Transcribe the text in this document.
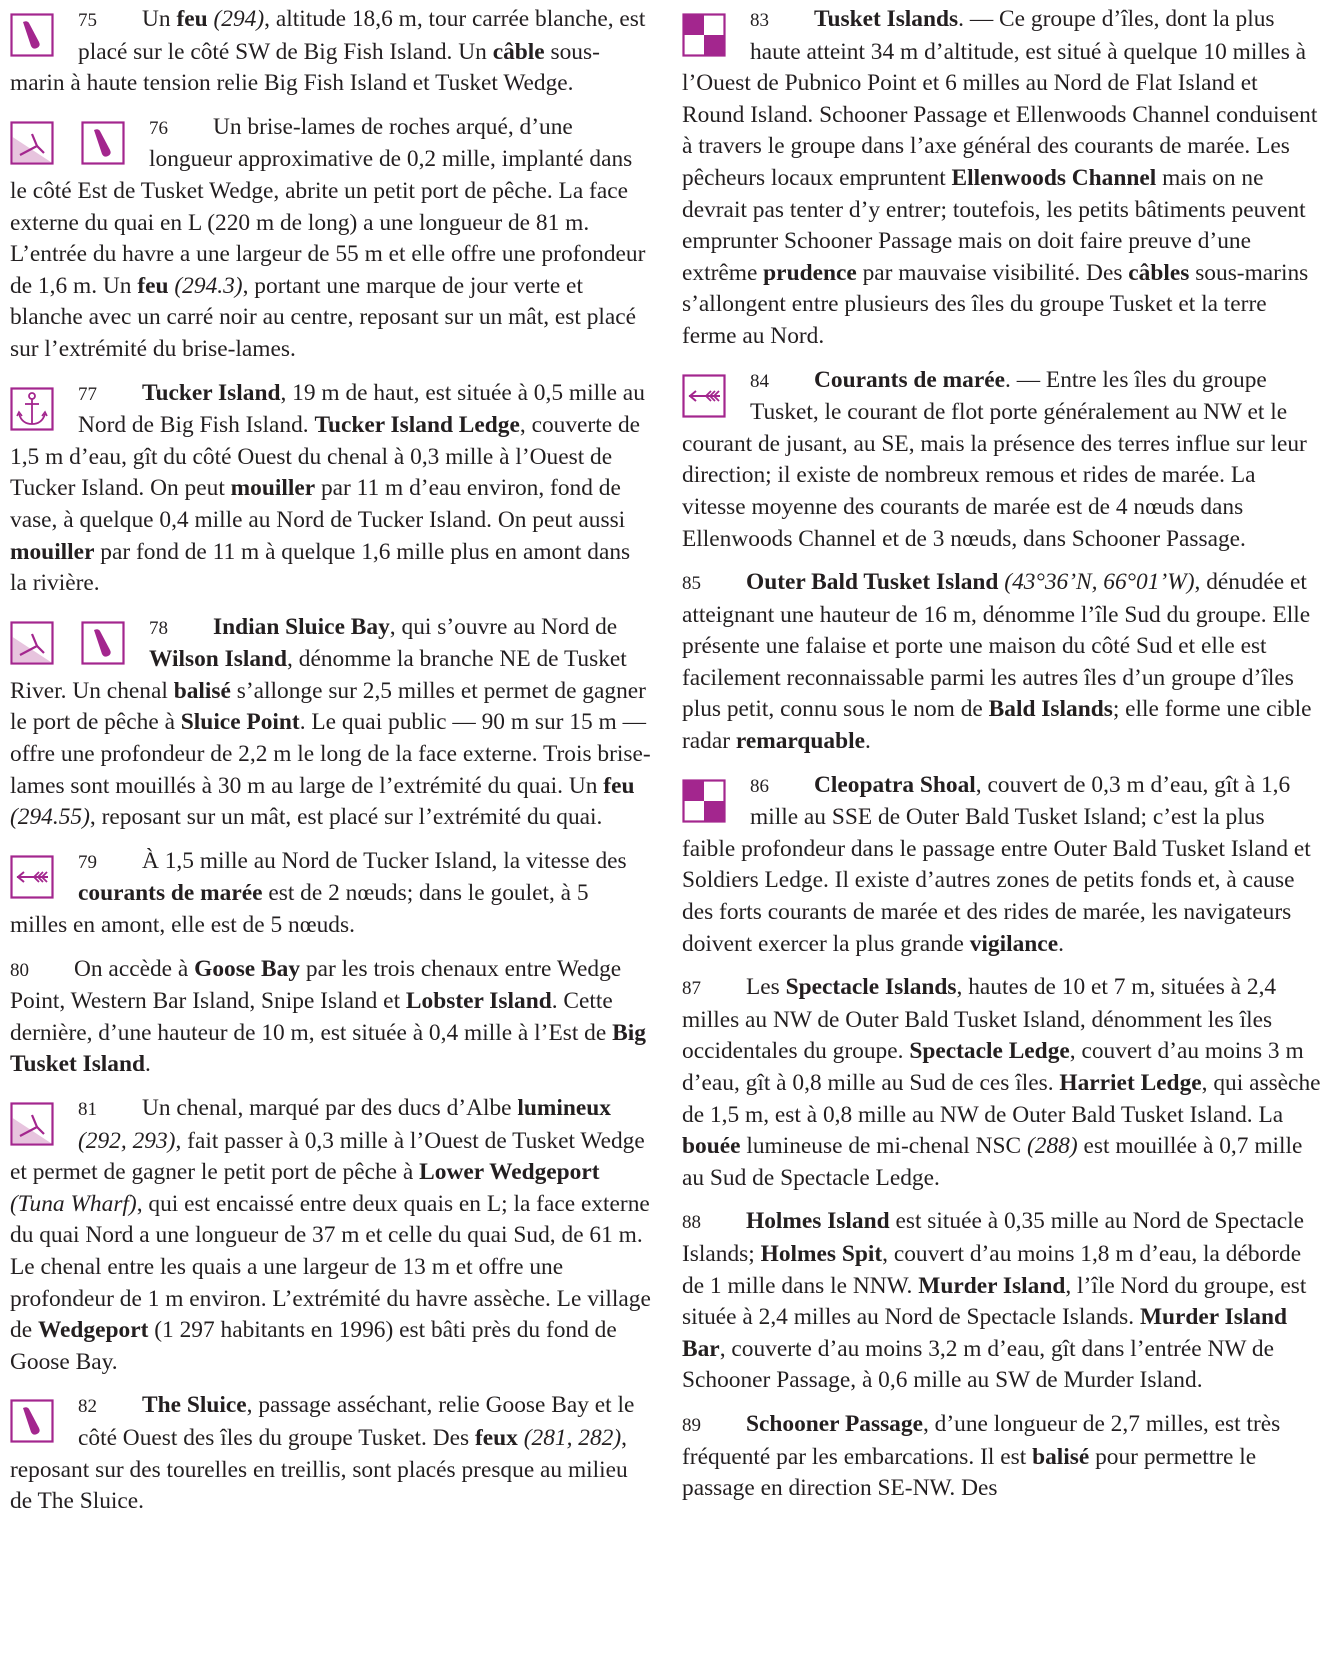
75 Un feu (294), altitude 18,6 m, tour carrée blanche, est placé sur le côté SW de Big Fish Island. Un câble sous-marin à haute tension relie Big Fish Island et Tusket Wedge.
76 Un brise-lames de roches arqué, d’une longueur approximative de 0,2 mille, implanté dans le côté Est de Tusket Wedge, abrite un petit port de pêche. La face externe du quai en L (220 m de long) a une longueur de 81 m. L’entrée du havre a une largeur de 55 m et elle offre une profondeur de 1,6 m. Un feu (294.3), portant une marque de jour verte et blanche avec un carré noir au centre, reposant sur un mât, est placé sur l’extrémité du brise-lames.
77 Tucker Island, 19 m de haut, est située à 0,5 mille au Nord de Big Fish Island. Tucker Island Ledge, couverte de 1,5 m d’eau, gît du côté Ouest du chenal à 0,3 mille à l’Ouest de Tucker Island. On peut mouiller par 11 m d’eau environ, fond de vase, à quelque 0,4 mille au Nord de Tucker Island. On peut aussi mouiller par fond de 11 m à quelque 1,6 mille plus en amont dans la rivière.
78 Indian Sluice Bay, qui s’ouvre au Nord de Wilson Island, dénomme la branche NE de Tusket River. Un chenal balisé s’allonge sur 2,5 milles et permet de gagner le port de pêche à Sluice Point. Le quai public — 90 m sur 15 m — offre une profondeur de 2,2 m le long de la face externe. Trois brise-lames sont mouillés à 30 m au large de l’extrémité du quai. Un feu (294.55), reposant sur un mât, est placé sur l’extrémité du quai.
79 À 1,5 mille au Nord de Tucker Island, la vitesse des courants de marée est de 2 nœuds; dans le goulet, à 5 milles en amont, elle est de 5 nœuds.
80 On accède à Goose Bay par les trois chenaux entre Wedge Point, Western Bar Island, Snipe Island et Lobster Island. Cette dernière, d’une hauteur de 10 m, est située à 0,4 mille à l’Est de Big Tusket Island.
81 Un chenal, marqué par des ducs d’Albe lumineux (292, 293), fait passer à 0,3 mille à l’Ouest de Tusket Wedge et permet de gagner le petit port de pêche à Lower Wedgeport (Tuna Wharf), qui est encaissé entre deux quais en L; la face externe du quai Nord a une longueur de 37 m et celle du quai Sud, de 61 m. Le chenal entre les quais a une largeur de 13 m et offre une profondeur de 1 m environ. L’extrémité du havre assèche. Le village de Wedgeport (1 297 habitants en 1996) est bâti près du fond de Goose Bay.
82 The Sluice, passage asséchant, relie Goose Bay et le côté Ouest des îles du groupe Tusket. Des feux (281, 282), reposant sur des tourelles en treillis, sont placés presque au milieu de The Sluice.
83 Tusket Islands. — Ce groupe d’îles, dont la plus haute atteint 34 m d’altitude, est situé à quelque 10 milles à l’Ouest de Pubnico Point et 6 milles au Nord de Flat Island et Round Island. Schooner Passage et Ellenwoods Channel conduisent à travers le groupe dans l’axe général des courants de marée. Les pêcheurs locaux empruntent Ellenwoods Channel mais on ne devrait pas tenter d’y entrer; toutefois, les petits bâtiments peuvent emprunter Schooner Passage mais on doit faire preuve d’une extrême prudence par mauvaise visibilité. Des câbles sous-marins s’allongent entre plusieurs des îles du groupe Tusket et la terre ferme au Nord.
84 Courants de marée. — Entre les îles du groupe Tusket, le courant de flot porte généralement au NW et le courant de jusant, au SE, mais la présence des terres influe sur leur direction; il existe de nombreux remous et rides de marée. La vitesse moyenne des courants de marée est de 4 nœuds dans Ellenwoods Channel et de 3 nœuds, dans Schooner Passage.
85 Outer Bald Tusket Island (43°36’N, 66°01’W), dénudée et atteignant une hauteur de 16 m, dénomme l’île Sud du groupe. Elle présente une falaise et porte une maison du côté Sud et elle est facilement reconnaissable parmi les autres îles d’un groupe d’îles plus petit, connu sous le nom de Bald Islands; elle forme une cible radar remarquable.
86 Cleopatra Shoal, couvert de 0,3 m d’eau, gît à 1,6 mille au SSE de Outer Bald Tusket Island; c’est la plus faible profondeur dans le passage entre Outer Bald Tusket Island et Soldiers Ledge. Il existe d’autres zones de petits fonds et, à cause des forts courants de marée et des rides de marée, les navigateurs doivent exercer la plus grande vigilance.
87 Les Spectacle Islands, hautes de 10 et 7 m, situées à 2,4 milles au NW de Outer Bald Tusket Island, dénomment les îles occidentales du groupe. Spectacle Ledge, couvert d’au moins 3 m d’eau, gît à 0,8 mille au Sud de ces îles. Harriet Ledge, qui assèche de 1,5 m, est à 0,8 mille au NW de Outer Bald Tusket Island. La bouée lumineuse de mi-chenal NSC (288) est mouillée à 0,7 mille au Sud de Spectacle Ledge.
88 Holmes Island est située à 0,35 mille au Nord de Spectacle Islands; Holmes Spit, couvert d’au moins 1,8 m d’eau, la déborde de 1 mille dans le NNW. Murder Island, l’île Nord du groupe, est située à 2,4 milles au Nord de Spectacle Islands. Murder Island Bar, couverte d’au moins 3,2 m d’eau, gît dans l’entrée NW de Schooner Passage, à 0,6 mille au SW de Murder Island.
89 Schooner Passage, d’une longueur de 2,7 milles, est très fréquenté par les embarcations. Il est balisé pour permettre le passage en direction SE-NW. Des
